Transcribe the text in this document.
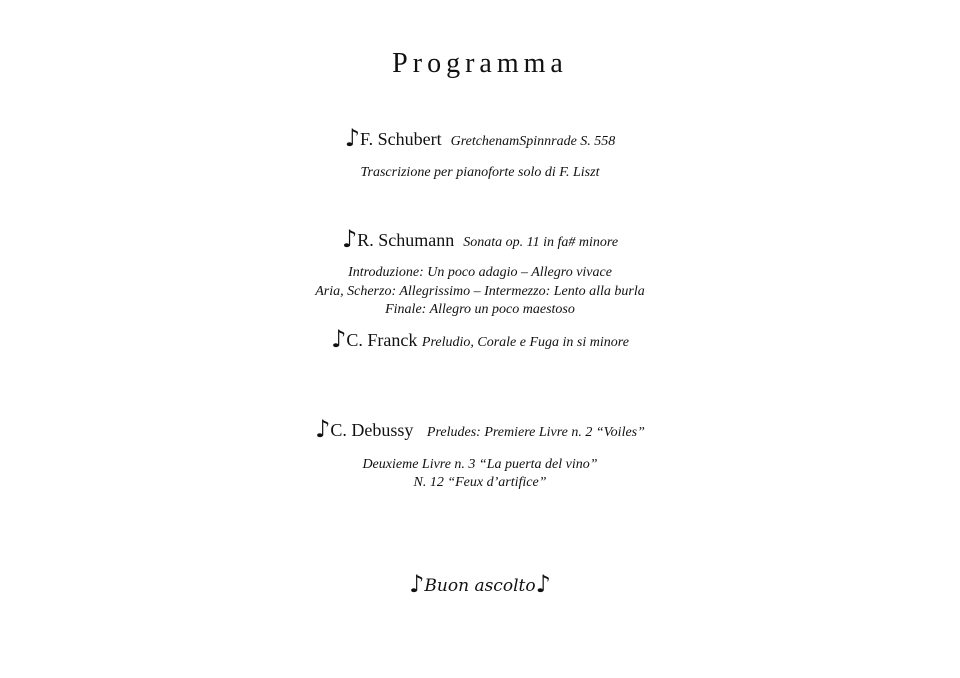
Programma
♪F. Schubert GretchenamSpinnrade S. 558
Trascrizione per pianoforte solo di F. Liszt
♪R. Schumann Sonata op. 11 in fa# minore
Introduzione: Un poco adagio – Allegro vivace
Aria, Scherzo: Allegrissimo – Intermezzo: Lento alla burla
Finale: Allegro un poco maestoso
♪C. Franck Preludio, Corale e Fuga in si minore
♪C. Debussy Preludes: Premiere Livre n. 2 “Voiles”
Deuxieme Livre n. 3 “La puerta del vino”
N. 12 “Feux d’artifice”
♪Buon ascolto♪
